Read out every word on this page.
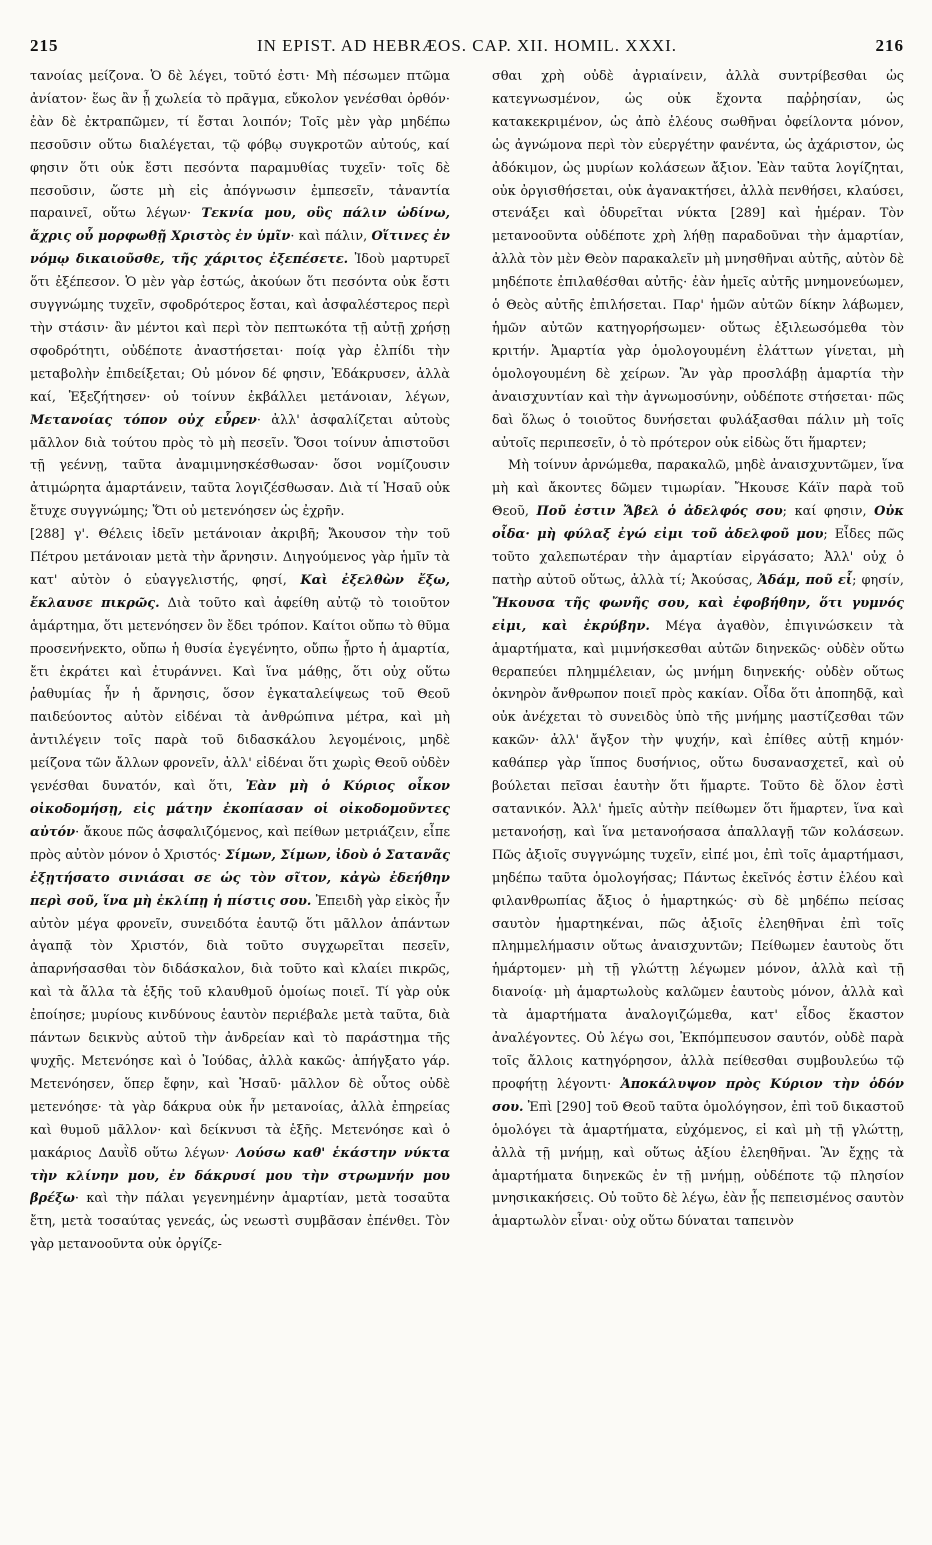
215	IN EPIST. AD HEBRÆOS. CAP. XII. HOMIL. XXXI.	216

τανοίας μείζονα. Ὁ δὲ λέγει, τοῦτό ἐστι· Μὴ πέσωμεν πτῶμα ἀνίατον· ἕως ἂν ᾖ χωλεία τὸ πρᾶγμα, εὔκολον γενέσθαι ὀρθόν· ἐὰν δὲ ἐκτραπῶμεν, τί ἔσται λοιπόν; Τοῖς μὲν γὰρ μηδέπω πεσοῦσιν οὕτω διαλέγεται, τῷ φόβῳ συγκροτῶν αὐτούς, καί φησιν ὅτι οὐκ ἔστι πεσόντα παραμυθίας τυχεῖν· τοῖς δὲ πεσοῦσιν, ὥστε μὴ εἰς ἀπόγνωσιν ἐμπεσεῖν, τἀναντία παραινεῖ, οὕτω λέγων· Τεκνία μου, οὓς πάλιν ὠδίνω, ἄχρις οὗ μορφωθῇ Χριστὸς ἐν ὑμῖν· καὶ πάλιν, Οἵτινες ἐν νόμῳ δικαιοῦσθε, τῆς χάριτος ἐξεπέσετε. Ἰδοὺ μαρτυρεῖ ὅτι ἐξέπεσον. Ὁ μὲν γὰρ ἑστώς, ἀκούων ὅτι πεσόντα οὐκ ἔστι συγγνώμης τυχεῖν, σφοδρότερος ἔσται, καὶ ἀσφαλέστερος περὶ τὴν στάσιν· ἂν μέντοι καὶ περὶ τὸν πεπτωκότα τῇ αὐτῇ χρήσῃ σφοδρότητι, οὐδέποτε ἀναστήσεται· ποίᾳ γὰρ ἐλπίδι τὴν μεταβολὴν ἐπιδείξεται; Οὐ μόνον δέ φησιν, Ἐδάκρυσεν, ἀλλὰ καί, Ἐξεζήτησεν· οὐ τοίνυν ἐκβάλλει μετάνοιαν, λέγων, Μετανοίας τόπον οὐχ εὗρεν· ἀλλ' ἀσφαλίζεται αὐτοὺς μᾶλλον διὰ τούτου πρὸς τὸ μὴ πεσεῖν. Ὅσοι τοίνυν ἀπιστοῦσι τῇ γεέννῃ, ταῦτα ἀναμιμνησκέσθωσαν· ὅσοι νομίζουσιν ἀτιμώρητα ἁμαρτάνειν, ταῦτα λογιζέσθωσαν. Διὰ τί Ἡσαῦ οὐκ ἔτυχε συγγνώμης; Ὅτι οὐ μετενόησεν ὡς ἐχρῆν.

[288] γ'. Θέλεις ἰδεῖν μετάνοιαν ἀκριβῆ; Ἄκουσον τὴν τοῦ Πέτρου μετάνοιαν μετὰ τὴν ἄρνησιν. Διηγούμενος γὰρ ἡμῖν τὰ κατ' αὐτὸν ὁ εὐαγγελιστής, φησί, Καὶ ἐξελθὼν ἔξω, ἔκλαυσε πικρῶς. Διὰ τοῦτο καὶ ἀφείθη αὐτῷ τὸ τοιοῦτον ἁμάρτημα, ὅτι μετενόησεν ὃν ἔδει τρόπον. Καίτοι οὔπω τὸ θῦμα προσενήνεκτο, οὔπω ἡ θυσία ἐγεγένητο, οὔπω ᾖρτο ἡ ἁμαρτία, ἔτι ἐκράτει καὶ ἐτυράννει. Καὶ ἵνα μάθῃς, ὅτι οὐχ οὕτω ῥαθυμίας ἦν ἡ ἄρνησις, ὅσον ἐγκαταλείψεως τοῦ Θεοῦ παιδεύοντος αὐτὸν εἰδέναι τὰ ἀνθρώπινα μέτρα, καὶ μὴ ἀντιλέγειν τοῖς παρὰ τοῦ διδασκάλου λεγομένοις, μηδὲ μείζονα τῶν ἄλλων φρονεῖν, ἀλλ' εἰδέναι ὅτι χωρὶς Θεοῦ οὐδὲν γενέσθαι δυνατόν, καὶ ὅτι, Ἐὰν μὴ ὁ Κύριος οἶκον οἰκοδομήσῃ, εἰς μάτην ἐκοπίασαν οἱ οἰκοδομοῦντες αὐτόν· ἄκουε πῶς ἀσφαλιζόμενος, καὶ πείθων μετριάζειν, εἶπε πρὸς αὐτὸν μόνον ὁ Χριστός· Σίμων, Σίμων, ἰδοὺ ὁ Σατανᾶς ἐξῃτήσατο σινιάσαι σε ὡς τὸν σῖτον, κἀγὼ ἐδεήθην περὶ σοῦ, ἵνα μὴ ἐκλίπῃ ἡ πίστις σου. Ἐπειδὴ γὰρ εἰκὸς ἦν αὐτὸν μέγα φρονεῖν, συνειδότα ἑαυτῷ ὅτι μᾶλλον ἁπάντων ἀγαπᾷ τὸν Χριστόν, διὰ τοῦτο συγχωρεῖται πεσεῖν, ἀπαρνήσασθαι τὸν διδάσκαλον, διὰ τοῦτο καὶ κλαίει πικρῶς, καὶ τὰ ἄλλα τὰ ἑξῆς τοῦ κλαυθμοῦ ὁμοίως ποιεῖ. Τί γὰρ οὐκ ἐποίησε; μυρίους κινδύνους ἑαυτὸν περιέβαλε μετὰ ταῦτα, διὰ πάντων δεικνὺς αὐτοῦ τὴν ἀνδρείαν καὶ τὸ παράστημα τῆς ψυχῆς. Μετενόησε καὶ ὁ Ἰούδας, ἀλλὰ κακῶς· ἀπήγξατο γάρ. Μετενόησεν, ὅπερ ἔφην, καὶ Ἡσαῦ· μᾶλλον δὲ οὗτος οὐδὲ μετενόησε· τὰ γὰρ δάκρυα οὐκ ἦν μετανοίας, ἀλλὰ ἐπηρείας καὶ θυμοῦ μᾶλλον· καὶ δείκνυσι τὰ ἑξῆς. Μετενόησε καὶ ὁ μακάριος Δαυῒδ οὕτω λέγων· Λούσω καθ' ἑκάστην νύκτα τὴν κλίνην μου, ἐν δάκρυσί μου τὴν στρωμνήν μου βρέξω· καὶ τὴν πάλαι γεγενημένην ἁμαρτίαν, μετὰ τοσαῦτα ἔτη, μετὰ τοσαύτας γενεάς, ὡς νεωστὶ συμβᾶσαν ἐπένθει. Τὸν γὰρ μετανοοῦντα οὐκ ὀργίζε-

σθαι χρὴ οὐδὲ ἀγριαίνειν, ἀλλὰ συντρίβεσθαι ὡς κατεγνωσμένον, ὡς οὐκ ἔχοντα παῤῥησίαν, ὡς κατακεκριμένον, ὡς ἀπὸ ἐλέους σωθῆναι ὀφείλοντα μόνον, ὡς ἀγνώμονα περὶ τὸν εὐεργέτην φανέντα, ὡς ἀχάριστον, ὡς ἀδόκιμον, ὡς μυρίων κολάσεων ἄξιον. Ἐὰν ταῦτα λογίζηται, οὐκ ὀργισθήσεται, οὐκ ἀγανακτήσει, ἀλλὰ πενθήσει, κλαύσει, στενάξει καὶ ὀδυρεῖται νύκτα [289] καὶ ἡμέραν. Τὸν μετανοοῦντα οὐδέποτε χρὴ λήθῃ παραδοῦναι τὴν ἁμαρτίαν, ἀλλὰ τὸν μὲν Θεὸν παρακαλεῖν μὴ μνησθῆναι αὐτῆς, αὐτὸν δὲ μηδέποτε ἐπιλαθέσθαι αὐτῆς· ἐὰν ἡμεῖς αὐτῆς μνημονεύωμεν, ὁ Θεὸς αὐτῆς ἐπιλήσεται. Παρ' ἡμῶν αὐτῶν δίκην λάβωμεν, ἡμῶν αὐτῶν κατηγορήσωμεν· οὕτως ἐξιλεωσόμεθα τὸν κριτήν. Ἁμαρτία γὰρ ὁμολογουμένη ἐλάττων γίνεται, μὴ ὁμολογουμένη δὲ χείρων. Ἂν γὰρ προσλάβῃ ἁμαρτία τὴν ἀναισχυντίαν καὶ τὴν ἀγνωμοσύνην, οὐδέποτε στήσεται· πῶς δαὶ ὅλως ὁ τοιοῦτος δυνήσεται φυλάξασθαι πάλιν μὴ τοῖς αὐτοῖς περιπεσεῖν, ὁ τὸ πρότερον οὐκ εἰδὼς ὅτι ἥμαρτεν;

Μὴ τοίνυν ἀρνώμεθα, παρακαλῶ, μηδὲ ἀναισχυντῶμεν, ἵνα μὴ καὶ ἄκοντες δῶμεν τιμωρίαν. Ἤκουσε Κάϊν παρὰ τοῦ Θεοῦ, Ποῦ ἐστιν Ἄβελ ὁ ἀδελφός σου; καί φησιν, Οὐκ οἶδα· μὴ φύλαξ ἐγώ εἰμι τοῦ ἀδελφοῦ μου; Εἶδες πῶς τοῦτο χαλεπωτέραν τὴν ἁμαρτίαν εἰργάσατο; Ἀλλ' οὐχ ὁ πατὴρ αὐτοῦ οὕτως, ἀλλὰ τί; Ἀκούσας, Ἀδάμ, ποῦ εἶ; φησίν, Ἤκουσα τῆς φωνῆς σου, καὶ ἐφοβήθην, ὅτι γυμνός εἰμι, καὶ ἐκρύβην. Μέγα ἀγαθὸν, ἐπιγινώσκειν τὰ ἁμαρτήματα, καὶ μιμνήσκεσθαι αὐτῶν διηνεκῶς· οὐδὲν οὕτω θεραπεύει πλημμέλειαν, ὡς μνήμη διηνεκής· οὐδὲν οὕτως ὀκνηρὸν ἄνθρωπον ποιεῖ πρὸς κακίαν. Οἶδα ὅτι ἀποπηδᾷ, καὶ οὐκ ἀνέχεται τὸ συνειδὸς ὑπὸ τῆς μνήμης μαστίζεσθαι τῶν κακῶν· ἀλλ' ἄγξον τὴν ψυχήν, καὶ ἐπίθες αὐτῇ κημόν· καθάπερ γὰρ ἵππος δυσήνιος, οὕτω δυσανασχετεῖ, καὶ οὐ βούλεται πεῖσαι ἑαυτὴν ὅτι ἥμαρτε. Τοῦτο δὲ ὅλον ἐστὶ σατανικόν. Ἀλλ' ἡμεῖς αὐτὴν πείθωμεν ὅτι ἥμαρτεν, ἵνα καὶ μετανοήσῃ, καὶ ἵνα μετανοήσασα ἀπαλλαγῇ τῶν κολάσεων. Πῶς ἀξιοῖς συγγνώμης τυχεῖν, εἰπέ μοι, ἐπὶ τοῖς ἁμαρτήμασι, μηδέπω ταῦτα ὁμολογήσας; Πάντως ἐκεῖνός ἐστιν ἐλέου καὶ φιλανθρωπίας ἄξιος ὁ ἡμαρτηκώς· σὺ δὲ μηδέπω πείσας σαυτὸν ἡμαρτηκέναι, πῶς ἀξιοῖς ἐλεηθῆναι ἐπὶ τοῖς πλημμελήμασιν οὕτως ἀναισχυντῶν; Πείθωμεν ἑαυτοὺς ὅτι ἡμάρτομεν· μὴ τῇ γλώττῃ λέγωμεν μόνον, ἀλλὰ καὶ τῇ διανοίᾳ· μὴ ἁμαρτωλοὺς καλῶμεν ἑαυτοὺς μόνον, ἀλλὰ καὶ τὰ ἁμαρτήματα ἀναλογιζώμεθα, κατ' εἶδος ἕκαστον ἀναλέγοντες. Οὐ λέγω σοι, Ἐκπόμπευσον σαυτόν, οὐδὲ παρὰ τοῖς ἄλλοις κατηγόρησον, ἀλλὰ πείθεσθαι συμβουλεύω τῷ προφήτῃ λέγοντι· Ἀποκάλυψον πρὸς Κύριον τὴν ὁδόν σου. Ἐπὶ [290] τοῦ Θεοῦ ταῦτα ὁμολόγησον, ἐπὶ τοῦ δικαστοῦ ὁμολόγει τὰ ἁμαρτήματα, εὐχόμενος, εἰ καὶ μὴ τῇ γλώττῃ, ἀλλὰ τῇ μνήμῃ, καὶ οὕτως ἀξίου ἐλεηθῆναι. Ἂν ἔχῃς τὰ ἁμαρτήματα διηνεκῶς ἐν τῇ μνήμῃ, οὐδέποτε τῷ πλησίον μνησικακήσεις. Οὐ τοῦτο δὲ λέγω, ἐὰν ᾖς πεπεισμένος σαυτὸν ἁμαρτωλὸν εἶναι· οὐχ οὕτω δύναται ταπεινὸν
